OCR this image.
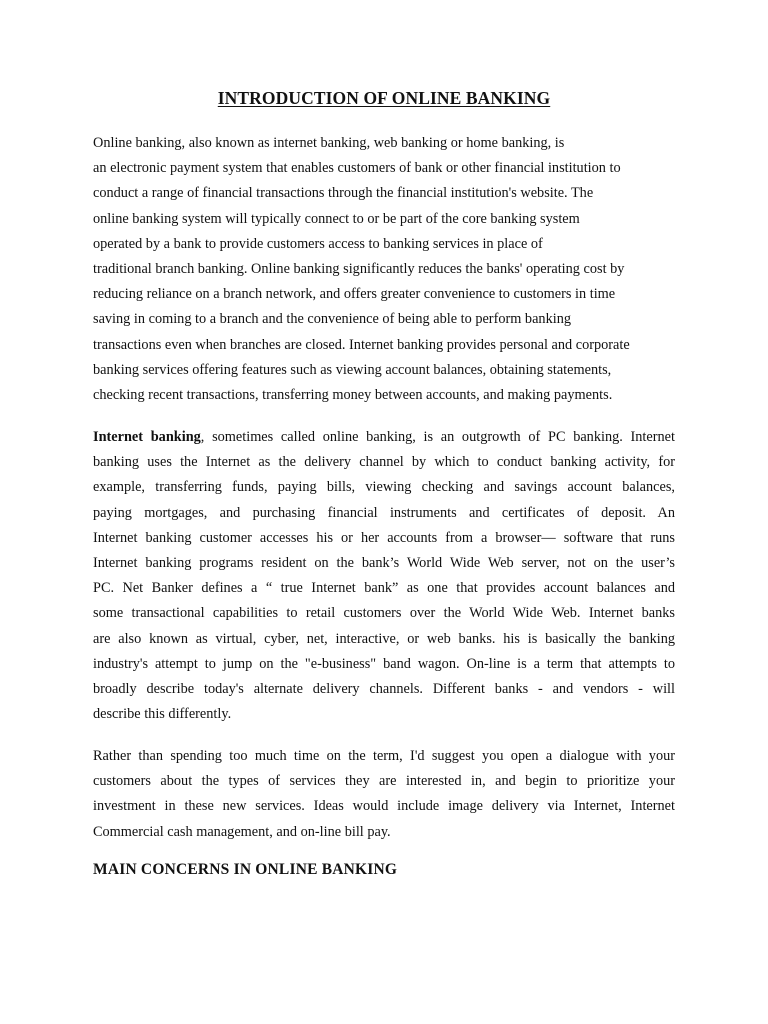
INTRODUCTION OF ONLINE BANKING
Online banking, also known as internet banking, web banking or home banking, is
an electronic payment system that enables customers of bank or other financial institution to
conduct a range of financial transactions through the financial institution's website. The
online banking system will typically connect to or be part of the core banking system
operated by a bank to provide customers access to banking services in place of
traditional branch banking. Online banking significantly reduces the banks' operating cost by
reducing reliance on a branch network, and offers greater convenience to customers in time
saving in coming to a branch and the convenience of being able to perform banking
transactions even when branches are closed. Internet banking provides personal and corporate
banking services offering features such as viewing account balances, obtaining statements,
checking recent transactions, transferring money between accounts, and making payments.
Internet banking, sometimes called online banking, is an outgrowth of PC banking. Internet
banking uses the Internet as the delivery channel by which to conduct banking activity, for
example, transferring funds, paying bills, viewing checking and savings account balances,
paying mortgages, and purchasing financial instruments and certificates of deposit. An
Internet banking customer accesses his or her accounts from a browser— software that runs
Internet banking programs resident on the bank’s World Wide Web server, not on the user’s
PC. Net Banker defines a “ true Internet bank” as one that provides account balances and
some transactional capabilities to retail customers over the World Wide Web. Internet banks
are also known as virtual, cyber, net, interactive, or web banks. his is basically the banking
industry's attempt to jump on the "e-business" band wagon. On-line is a term that attempts to
broadly describe today's alternate delivery channels. Different banks - and vendors - will
describe this differently.
Rather than spending too much time on the term, I'd suggest you open a dialogue with your
customers about the types of services they are interested in, and begin to prioritize your
investment in these new services. Ideas would include image delivery via Internet, Internet
Commercial cash management, and on-line bill pay.
MAIN CONCERNS IN ONLINE BANKING
